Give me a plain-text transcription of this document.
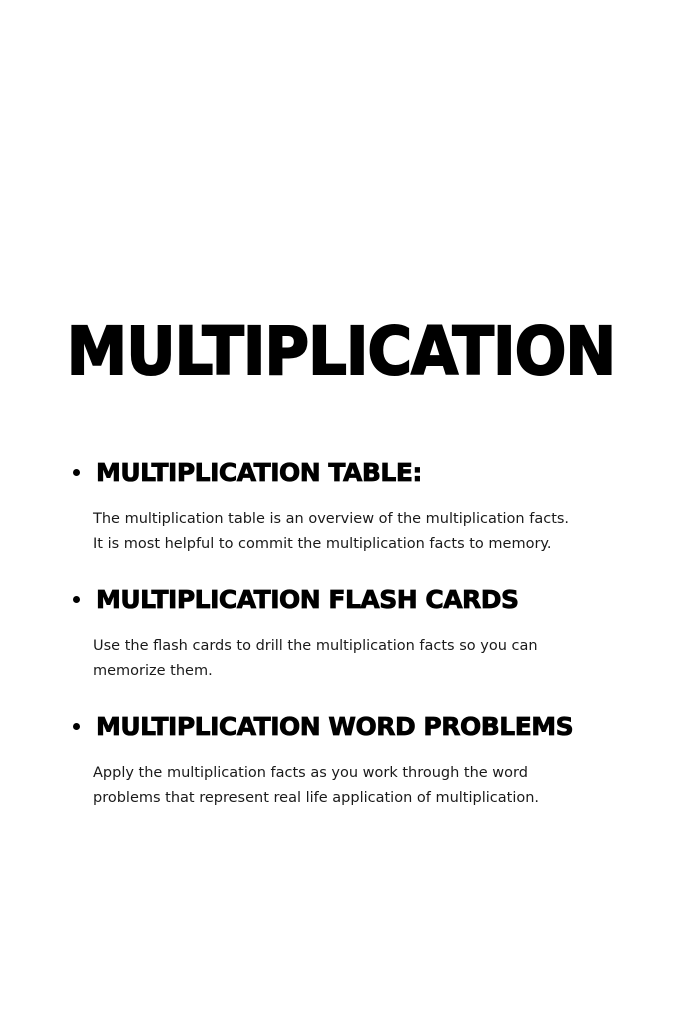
MULTIPLICATION
MULTIPLICATION TABLE:

The multiplication table is an overview of the multiplication facts.
It is most helpful to commit the multiplication facts to memory.

MULTIPLICATION FLASH CARDS

Use the flash cards to drill the multiplication facts so you can
memorize them.

MULTIPLICATION WORD PROBLEMS

Apply the multiplication facts as you work through the word
problems that represent real life application of multiplication.
